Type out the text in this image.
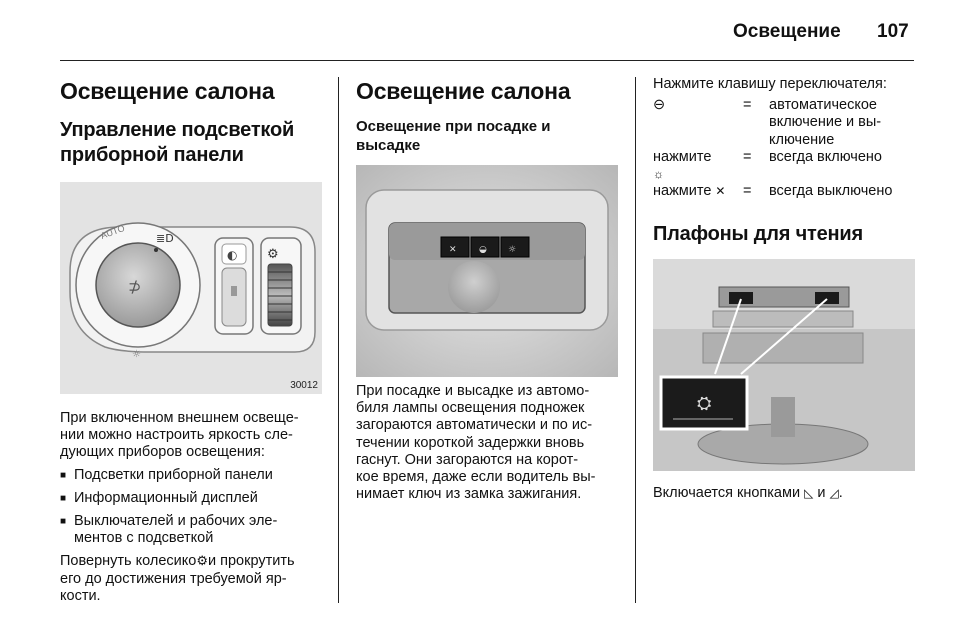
Освещение 107
Освещение салона
Управление подсветкой
приборной панели
⊅
AUTO	≣D
☼
◐ ⚙
30012

При включенном внешнем освеще-

нии можно настроить яркость сле-

дующих приборов освещения:

■ Подсветки приборной панели
■ Информационный дисплей
■ Выключателей и рабочих эле-
ментов с подсветкой

Повернуть колесико⚙и прокрутить

его до достижения требуемой яр-

кости.

Освещение салона
Освещение при посадке и
высадке
✕ ◒ ☼

При посадке и высадке из автомо-

биля лампы освещения подножек

загораются автоматически и по ис-

течении короткой задержки вновь

гаснут. Они загораются на корот-

кое время, даже если водитель вы-

нимает ключ из замка зажигания.

Нажмите клавишу переключателя:

⊖	=	автоматическое
включение и вы-
ключение
нажмите
☼
=	всегда включено
нажмите ✕	=	всегда выключено
Плафоны для чтения
⛭

Включается кнопками ◺ и ◿.
